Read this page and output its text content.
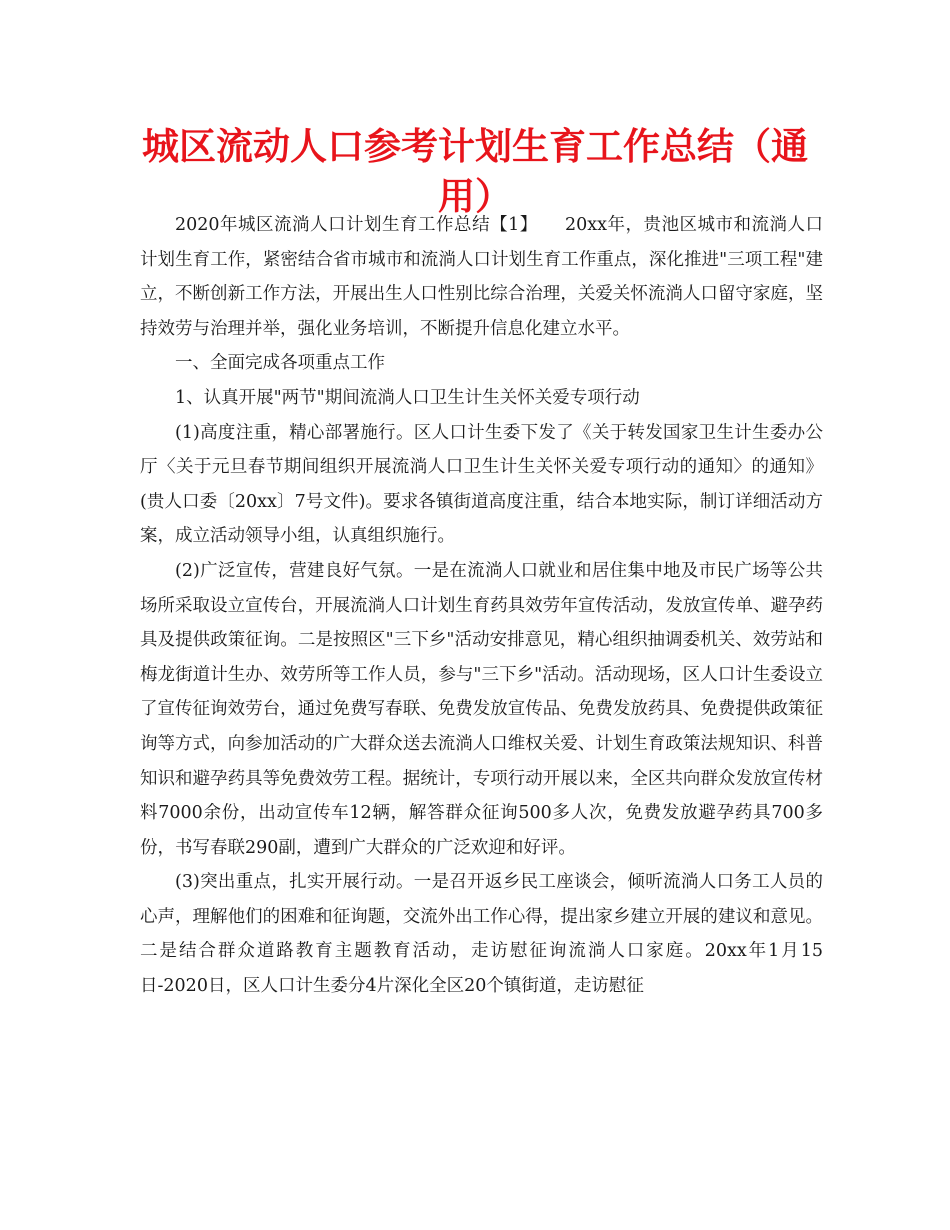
城区流动人口参考计划生育工作总结（通用）

2020年城区流淌人口计划生育工作总结【1】　　20xx年，贵池区城市和流淌人口计划生育工作，紧密结合省市城市和流淌人口计划生育工作重点，深化推进"三项工程"建立，不断创新工作方法，开展出生人口性别比综合治理，关爱关怀流淌人口留守家庭，坚持效劳与治理并举，强化业务培训，不断提升信息化建立水平。

一、全面完成各项重点工作

1、认真开展"两节"期间流淌人口卫生计生关怀关爱专项行动

(1)高度注重，精心部署施行。区人口计生委下发了《关于转发国家卫生计生委办公厅〈关于元旦春节期间组织开展流淌人口卫生计生关怀关爱专项行动的通知〉的通知》(贵人口委〔20xx〕7号文件)。要求各镇街道高度注重，结合本地实际，制订详细活动方案，成立活动领导小组，认真组织施行。

(2)广泛宣传，营建良好气氛。一是在流淌人口就业和居住集中地及市民广场等公共场所采取设立宣传台，开展流淌人口计划生育药具效劳年宣传活动，发放宣传单、避孕药具及提供政策征询。二是按照区"三下乡"活动安排意见，精心组织抽调委机关、效劳站和梅龙街道计生办、效劳所等工作人员，参与"三下乡"活动。活动现场，区人口计生委设立了宣传征询效劳台，通过免费写春联、免费发放宣传品、免费发放药具、免费提供政策征询等方式，向参加活动的广大群众送去流淌人口维权关爱、计划生育政策法规知识、科普知识和避孕药具等免费效劳工程。据统计，专项行动开展以来，全区共向群众发放宣传材料7000余份，出动宣传车12辆，解答群众征询500多人次，免费发放避孕药具700多份，书写春联290副，遭到广大群众的广泛欢迎和好评。

(3)突出重点，扎实开展行动。一是召开返乡民工座谈会，倾听流淌人口务工人员的心声，理解他们的困难和征询题，交流外出工作心得，提出家乡建立开展的建议和意见。二是结合群众道路教育主题教育活动，走访慰征询流淌人口家庭。20xx年1月15日-2020日，区人口计生委分4片深化全区20个镇街道，走访慰征
